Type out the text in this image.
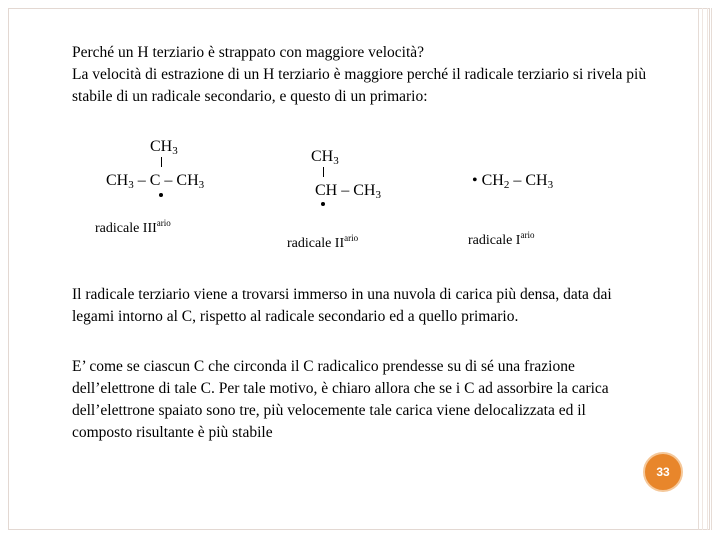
Perché un H terziario è strappato con maggiore velocità?
La velocità di estrazione di un H terziario è maggiore perché il radicale terziario si rivela più stabile di un radicale secondario, e questo di un primario:

$CH_3$
$CH_3$ – C – $CH_3$
radicale $III^{ario}$
$CH_3$
CH – $CH_3$
radicale $II^{ario}$
• $CH_2 - CH_3$
radicale $I^{ario}$

Il radicale terziario viene a trovarsi immerso in una nuvola di carica più densa, data dai legami intorno al C, rispetto al radicale secondario ed a quello primario.

E’ come se ciascun C che circonda il C radicalico prendesse su di sé una frazione dell’elettrone di tale C. Per tale motivo, è chiaro allora che se i C ad assorbire la carica dell’elettrone spaiato sono tre, più velocemente tale carica viene delocalizzata ed il composto risultante è più stabile

33
